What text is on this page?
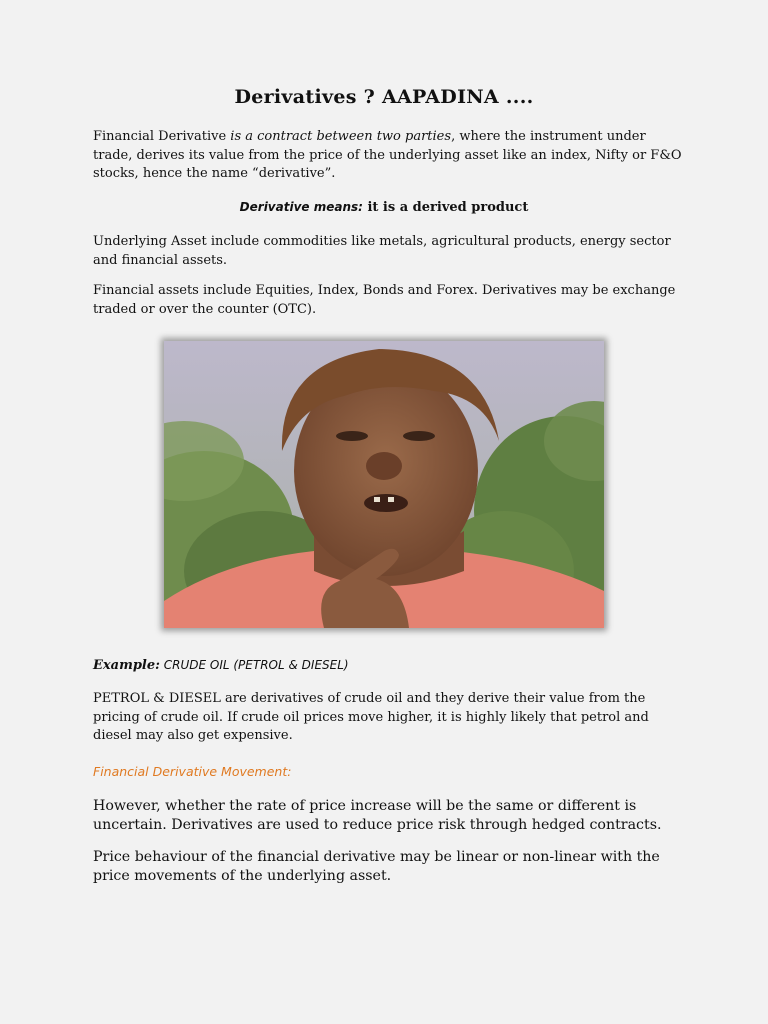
Derivatives ? AAPADINA ....

Financial Derivative is a contract between two parties, where the instrument under trade, derives its value from the price of the underlying asset like an index, Nifty or F&O stocks, hence the name “derivative”.

Derivative means: it is a derived product

Underlying Asset include commodities like metals, agricultural products, energy sector and financial assets.

Financial assets include Equities, Index, Bonds and Forex. Derivatives may be exchange traded or over the counter (OTC).

Example: CRUDE OIL (PETROL & DIESEL)

PETROL & DIESEL are derivatives of crude oil and they derive their value from the pricing of crude oil. If crude oil prices move higher, it is highly likely that petrol and diesel may also get expensive.

Financial Derivative Movement:

However, whether the rate of price increase will be the same or different is uncertain. Derivatives are used to reduce price risk through hedged contracts.

Price behaviour of the financial derivative may be linear or non-linear with the price movements of the underlying asset.
